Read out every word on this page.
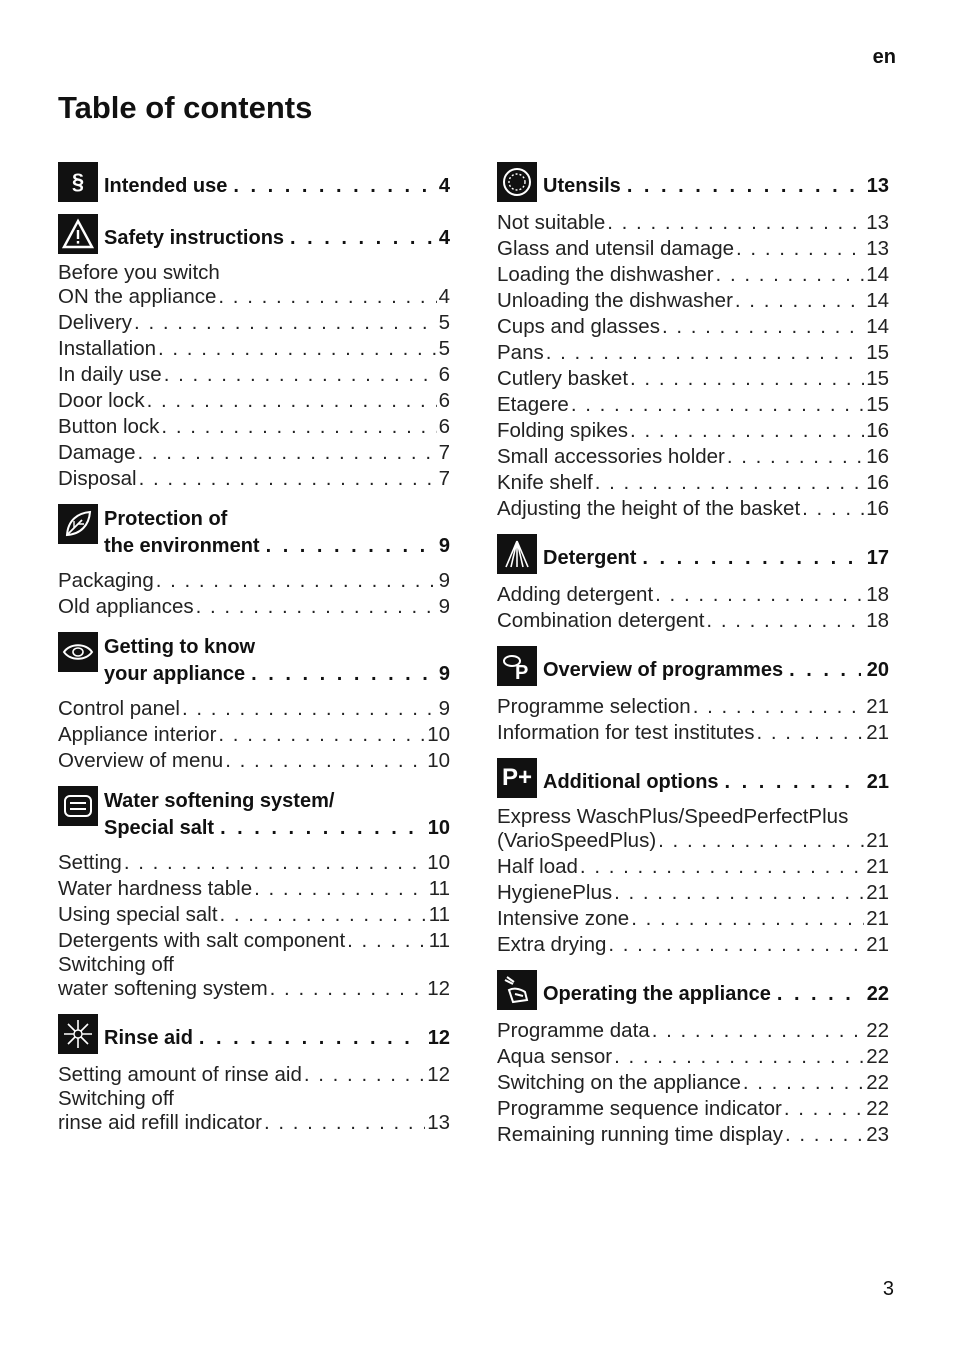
en
Table of contents
§ Intended use . . .	4
Safety instructions . . .	4
Before you switch
ON the appliance . . .	4
Delivery . . .	5
Installation . . .	5
In daily use . . .	6
Door lock . . .	6
Button lock . . .	6
Damage . . .	7
Disposal . . .	7
Protection of
the environment . . .	9
Packaging . . .	9
Old appliances . . .	9
Getting to know
your appliance . . .	9
Control panel . . .	9
Appliance interior . . .	10
Overview of menu . . .	10
Water softening system/
Special salt . . .	10
Setting . . .	10
Water hardness table . . .	11
Using special salt . . .	11
Detergents with salt component . . .	11
Switching off
water softening system . . .	12
Rinse aid . . .	12
Setting amount of rinse aid . . .	12
Switching off
rinse aid refill indicator . . .	13
Utensils . . .	13
Not suitable . . .	13
Glass and utensil damage . . .	13
Loading the dishwasher . . .	14
Unloading the dishwasher . . .	14
Cups and glasses . . .	14
Pans . . .	15
Cutlery basket . . .	15
Etagere . . .	15
Folding spikes . . .	16
Small accessories holder . . .	16
Knife shelf . . .	16
Adjusting the height of the basket . . .	16
Detergent . . .	17
Adding detergent . . .	18
Combination detergent . . .	18
P Overview of programmes . . .	20
Programme selection . . .	21
Information for test institutes . . .	21
P+ Additional options . . .	21
Express WaschPlus/SpeedPerfectPlus
(VarioSpeedPlus) . . .	21
Half load . . .	21
HygienePlus . . .	21
Intensive zone . . .	21
Extra drying . . .	21
Operating the appliance . . .	22
Programme data . . .	22
Aqua sensor . . .	22
Switching on the appliance . . .	22
Programme sequence indicator . . .	22
Remaining running time display . . .	23
3
